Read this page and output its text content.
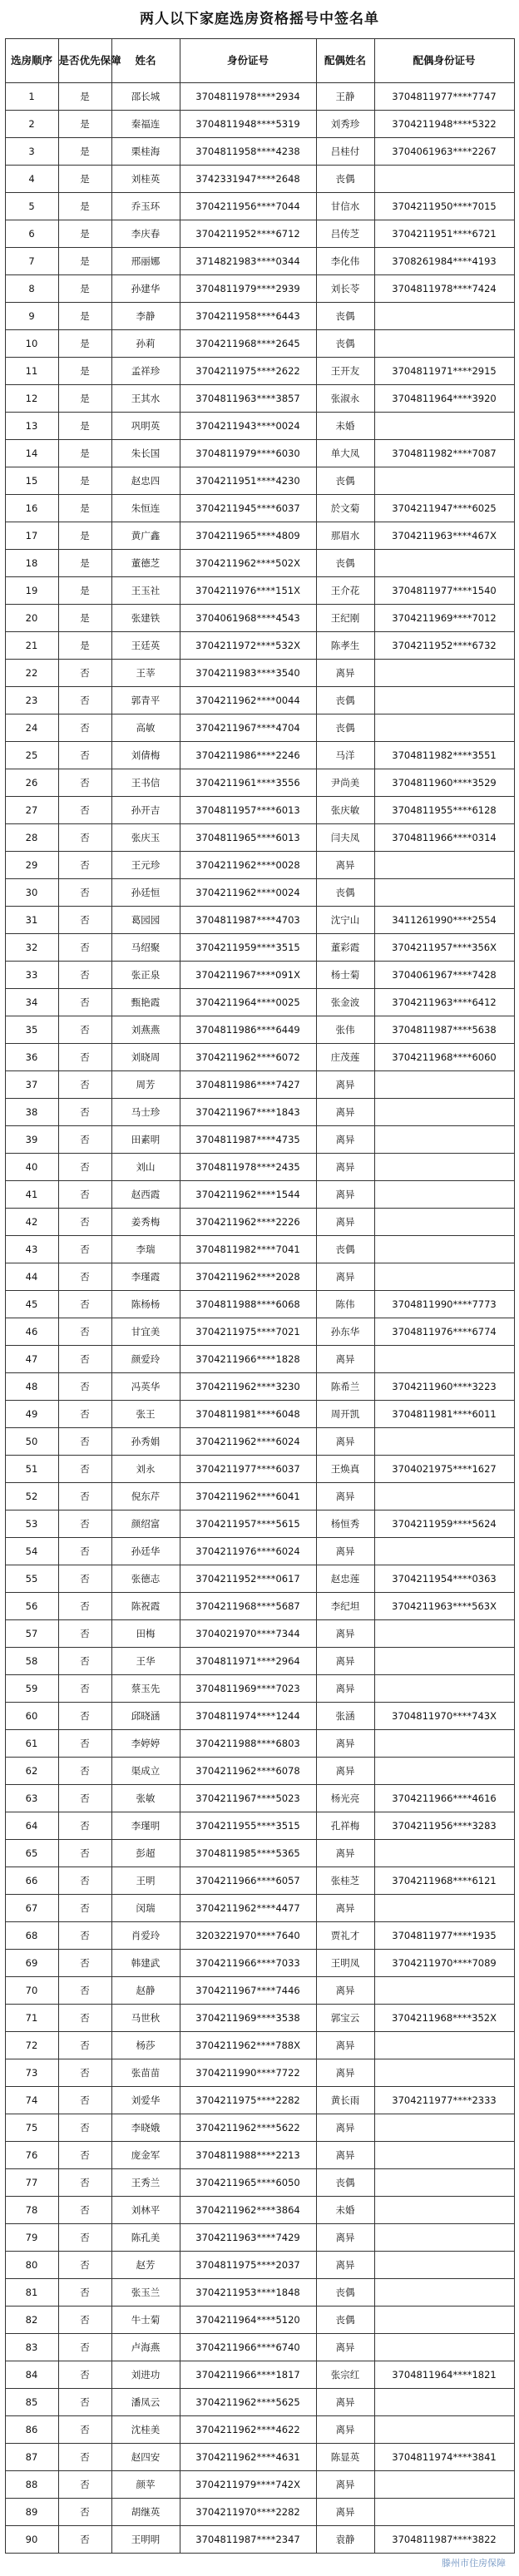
两人以下家庭选房资格摇号中签名单
选房顺序	是否优先保障	姓名	身份证号	配偶姓名	配偶身份证号
1	是	邵长城	3704811978****2934	王静	3704811977****7747
2	是	秦福连	3704811948****5319	刘秀珍	3704211948****5322
3	是	栗桂海	3704811958****4238	吕桂付	3704061963****2267
4	是	刘桂英	3742331947****2648	丧偶	
5	是	乔玉环	3704211956****7044	甘信水	3704211950****7015
6	是	李庆春	3704211952****6712	吕传芝	3704211951****6721
7	是	邢丽娜	3714821983****0344	李化伟	3708261984****4193
8	是	孙建华	3704811979****2939	刘长苓	3704811978****7424
9	是	李静	3704211958****6443	丧偶	
10	是	孙莉	3704211968****2645	丧偶	
11	是	孟祥珍	3704211975****2622	王开友	3704811971****2915
12	是	王其水	3704811963****3857	张淑永	3704811964****3920
13	是	巩明英	3704211943****0024	未婚	
14	是	朱长国	3704811979****6030	单大凤	3704811982****7087
15	是	赵忠四	3704211951****4230	丧偶	
16	是	朱恒连	3704211945****6037	於文菊	3704211947****6025
17	是	黄广鑫	3704211965****4809	那眉水	3704211963****467X
18	是	董德芝	3704211962****502X	丧偶	
19	是	王玉社	3704211976****151X	王介花	3704811977****1540
20	是	张建铁	3704061968****4543	王纪刚	3704211969****7012
21	是	王廷英	3704211972****532X	陈孝生	3704211952****6732
22	否	王莘	3704211983****3540	离异	
23	否	郭青平	3704211962****0044	丧偶	
24	否	高敏	3704211967****4704	丧偶	
25	否	刘倩梅	3704211986****2246	马洋	3704811982****3551
26	否	王书信	3704211961****3556	尹尚美	3704811960****3529
27	否	孙开吉	3704811957****6013	张庆敏	3704811955****6128
28	否	张庆玉	3704811965****6013	闫夫凤	3704811966****0314
29	否	王元珍	3704211962****0028	离异	
30	否	孙廷恒	3704211962****0024	丧偶	
31	否	葛园园	3704811987****4703	沈宁山	3411261990****2554
32	否	马绍聚	3704211959****3515	董彩霞	3704211957****356X
33	否	张正泉	3704211967****091X	杨士菊	3704061967****7428
34	否	甄艳霞	3704211964****0025	张金波	3704211963****6412
35	否	刘燕燕	3704811986****6449	张伟	3704811987****5638
36	否	刘晓周	3704211962****6072	庄茂莲	3704211968****6060
37	否	周芳	3704811986****7427	离异	
38	否	马士珍	3704211967****1843	离异	
39	否	田素明	3704811987****4735	离异	
40	否	刘山	3704811978****2435	离异	
41	否	赵西霞	3704211962****1544	离异	
42	否	姜秀梅	3704211962****2226	离异	
43	否	李瑞	3704811982****7041	丧偶	
44	否	李瑾霞	3704211962****2028	离异	
45	否	陈杨杨	3704811988****6068	陈伟	3704811990****7773
46	否	甘宜美	3704211975****7021	孙东华	3704811976****6774
47	否	颜爱玲	3704211966****1828	离异	
48	否	冯英华	3704211962****3230	陈希兰	3704211960****3223
49	否	张王	3704811981****6048	周开凯	3704811981****6011
50	否	孙秀娟	3704211962****6024	离异	
51	否	刘永	3704211977****6037	王焕真	3704021975****1627
52	否	倪东芹	3704211962****6041	离异	
53	否	颜绍富	3704211957****5615	杨恒秀	3704211959****5624
54	否	孙廷华	3704211976****6024	离异	
55	否	张德志	3704211952****0617	赵忠莲	3704211954****0363
56	否	陈祝霞	3704211968****5687	李纪坦	3704211963****563X
57	否	田梅	3704021970****7344	离异	
58	否	王华	3704811971****2964	离异	
59	否	蔡玉先	3704811969****7023	离异	
60	否	邱晓涵	3704811974****1244	张涵	3704811970****743X
61	否	李婷婷	3704211988****6803	离异	
62	否	渠成立	3704211962****6078	离异	
63	否	张敏	3704211967****5023	杨光亮	3704211966****4616
64	否	李瑾明	3704211955****3515	孔祥梅	3704211956****3283
65	否	彭超	3704811985****5365	离异	
66	否	王明	3704211966****6057	张桂芝	3704211968****6121
67	否	闵瑞	3704211962****4477	离异	
68	否	肖爱玲	3203221970****7640	贾礼才	3704811977****1935
69	否	韩建武	3704211966****7033	王明凤	3704211970****7089
70	否	赵静	3704211967****7446	离异	
71	否	马世秋	3704211969****3538	郭宝云	3704211968****352X
72	否	杨莎	3704211962****788X	离异	
73	否	张苗苗	3704211990****7722	离异	
74	否	刘爱华	3704211975****2282	黄长雨	3704211977****2333
75	否	李晓娥	3704211962****5622	离异	
76	否	庞金军	3704811988****2213	离异	
77	否	王秀兰	3704211965****6050	丧偶	
78	否	刘林平	3704211962****3864	未婚	
79	否	陈孔美	3704211963****7429	离异	
80	否	赵芳	3704811975****2037	离异	
81	否	张玉兰	3704211953****1848	丧偶	
82	否	牛士菊	3704211964****5120	丧偶	
83	否	卢海燕	3704211966****6740	离异	
84	否	刘进功	3704211966****1817	张宗红	3704811964****1821
85	否	潘凤云	3704211962****5625	离异	
86	否	沈桂美	3704211962****4622	离异	
87	否	赵四安	3704211962****4631	陈显英	3704811974****3841
88	否	颜苹	3704211979****742X	离异	
89	否	胡继英	3704211970****2282	离异	
90	否	王明明	3704811987****2347	袁静	3704811987****3822
滕州市住房保障
